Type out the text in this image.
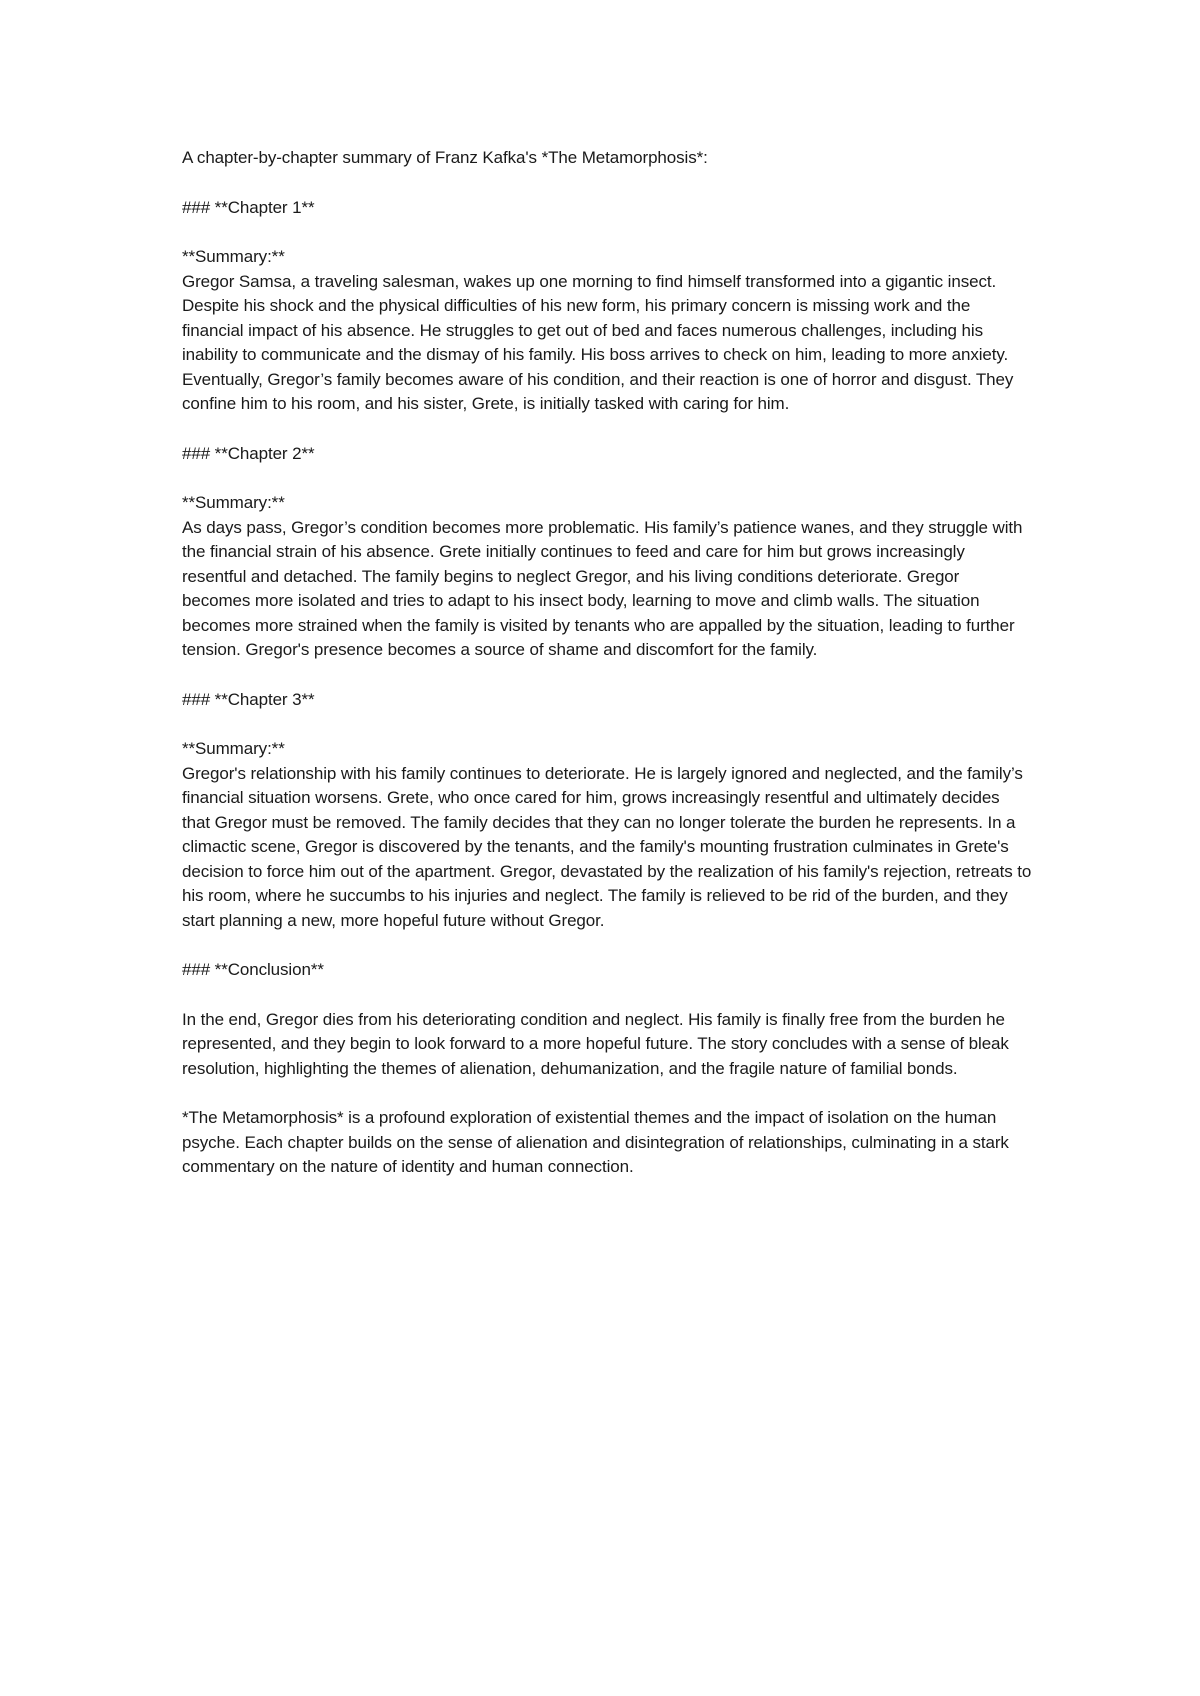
A chapter-by-chapter summary of Franz Kafka's *The Metamorphosis*:

### **Chapter 1**

**Summary:**

Gregor Samsa, a traveling salesman, wakes up one morning to find himself transformed into a gigantic insect. Despite his shock and the physical difficulties of his new form, his primary concern is missing work and the financial impact of his absence. He struggles to get out of bed and faces numerous challenges, including his inability to communicate and the dismay of his family. His boss arrives to check on him, leading to more anxiety. Eventually, Gregor’s family becomes aware of his condition, and their reaction is one of horror and disgust. They confine him to his room, and his sister, Grete, is initially tasked with caring for him.

### **Chapter 2**

**Summary:**

As days pass, Gregor’s condition becomes more problematic. His family’s patience wanes, and they struggle with the financial strain of his absence. Grete initially continues to feed and care for him but grows increasingly resentful and detached. The family begins to neglect Gregor, and his living conditions deteriorate. Gregor becomes more isolated and tries to adapt to his insect body, learning to move and climb walls. The situation becomes more strained when the family is visited by tenants who are appalled by the situation, leading to further tension. Gregor's presence becomes a source of shame and discomfort for the family.

### **Chapter 3**

**Summary:**

Gregor's relationship with his family continues to deteriorate. He is largely ignored and neglected, and the family’s financial situation worsens. Grete, who once cared for him, grows increasingly resentful and ultimately decides that Gregor must be removed. The family decides that they can no longer tolerate the burden he represents. In a climactic scene, Gregor is discovered by the tenants, and the family's mounting frustration culminates in Grete's decision to force him out of the apartment. Gregor, devastated by the realization of his family's rejection, retreats to his room, where he succumbs to his injuries and neglect. The family is relieved to be rid of the burden, and they start planning a new, more hopeful future without Gregor.

### **Conclusion**

In the end, Gregor dies from his deteriorating condition and neglect. His family is finally free from the burden he represented, and they begin to look forward to a more hopeful future. The story concludes with a sense of bleak resolution, highlighting the themes of alienation, dehumanization, and the fragile nature of familial bonds.

*The Metamorphosis* is a profound exploration of existential themes and the impact of isolation on the human psyche. Each chapter builds on the sense of alienation and disintegration of relationships, culminating in a stark commentary on the nature of identity and human connection.
